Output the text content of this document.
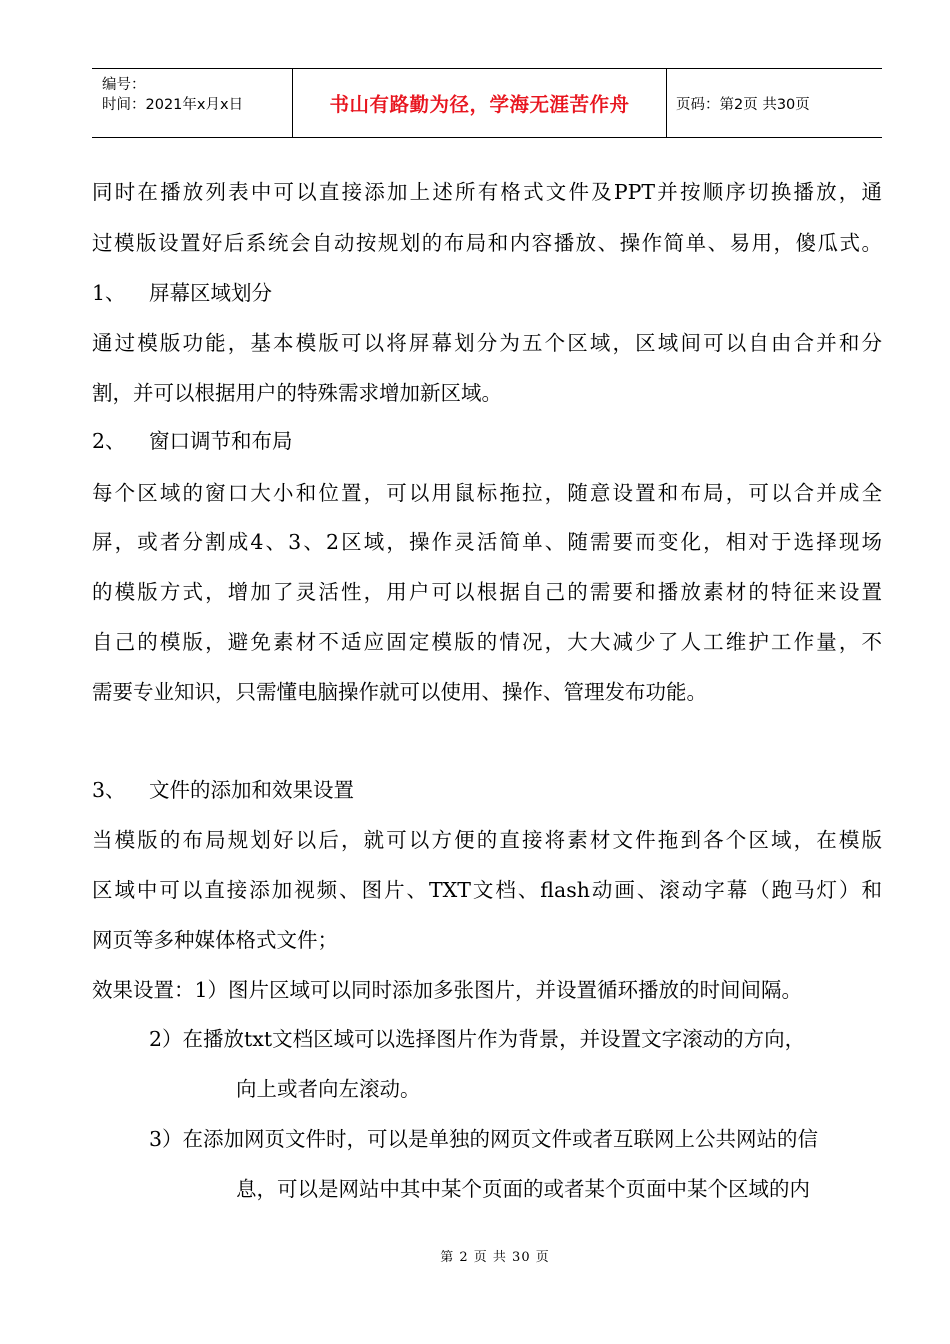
编号：
时间：2021年x月x日	书山有路勤为径，学海无涯苦作舟	页码：第2页 共30页
同时在播放列表中可以直接添加上述所有格式文件及PPT并按顺序切换播放，通
过模版设置好后系统会自动按规划的布局和内容播放、操作简单、易用，傻瓜式。
1、 屏幕区域划分
通过模版功能，基本模版可以将屏幕划分为五个区域，区域间可以自由合并和分
割，并可以根据用户的特殊需求增加新区域。
2、 窗口调节和布局
每个区域的窗口大小和位置，可以用鼠标拖拉，随意设置和布局，可以合并成全
屏，或者分割成4、3、2区域，操作灵活简单、随需要而变化，相对于选择现场
的模版方式，增加了灵活性，用户可以根据自己的需要和播放素材的特征来设置
自己的模版，避免素材不适应固定模版的情况，大大减少了人工维护工作量，不
需要专业知识，只需懂电脑操作就可以使用、操作、管理发布功能。
3、 文件的添加和效果设置
当模版的布局规划好以后，就可以方便的直接将素材文件拖到各个区域，在模版
区域中可以直接添加视频、图片、TXT文档、flash动画、滚动字幕（跑马灯）和
网页等多种媒体格式文件；
效果设置：1）图片区域可以同时添加多张图片，并设置循环播放的时间间隔。
2）在播放txt文档区域可以选择图片作为背景，并设置文字滚动的方向，
向上或者向左滚动。
3）在添加网页文件时，可以是单独的网页文件或者互联网上公共网站的信
息，可以是网站中其中某个页面的或者某个页面中某个区域的内
第 2 页 共 30 页
